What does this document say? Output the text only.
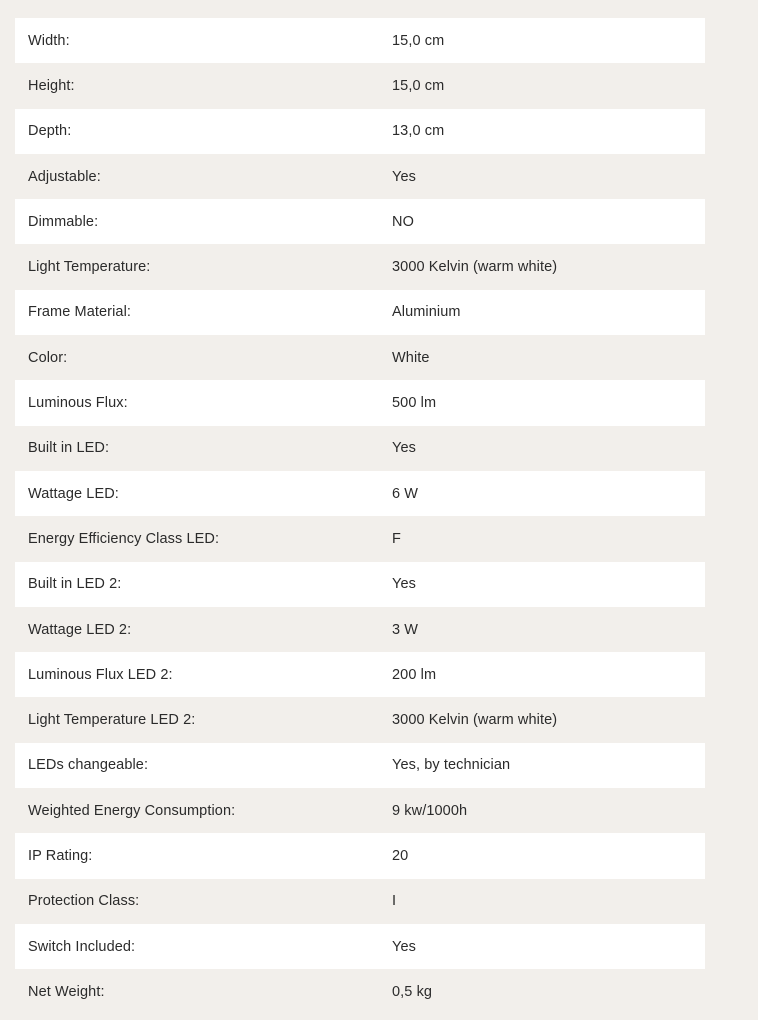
Width:	15,0 cm
Height:	15,0 cm
Depth:	13,0 cm
Adjustable:	Yes
Dimmable:	NO
Light Temperature:	3000 Kelvin (warm white)
Frame Material:	Aluminium
Color:	White
Luminous Flux:	500 lm
Built in LED:	Yes
Wattage LED:	6 W
Energy Efficiency Class LED:	F
Built in LED 2:	Yes
Wattage LED 2:	3 W
Luminous Flux LED 2:	200 lm
Light Temperature LED 2:	3000 Kelvin (warm white)
LEDs changeable:	Yes, by technician
Weighted Energy Consumption:	9 kw/1000h
IP Rating:	20
Protection Class:	I
Switch Included:	Yes
Net Weight:	0,5 kg
